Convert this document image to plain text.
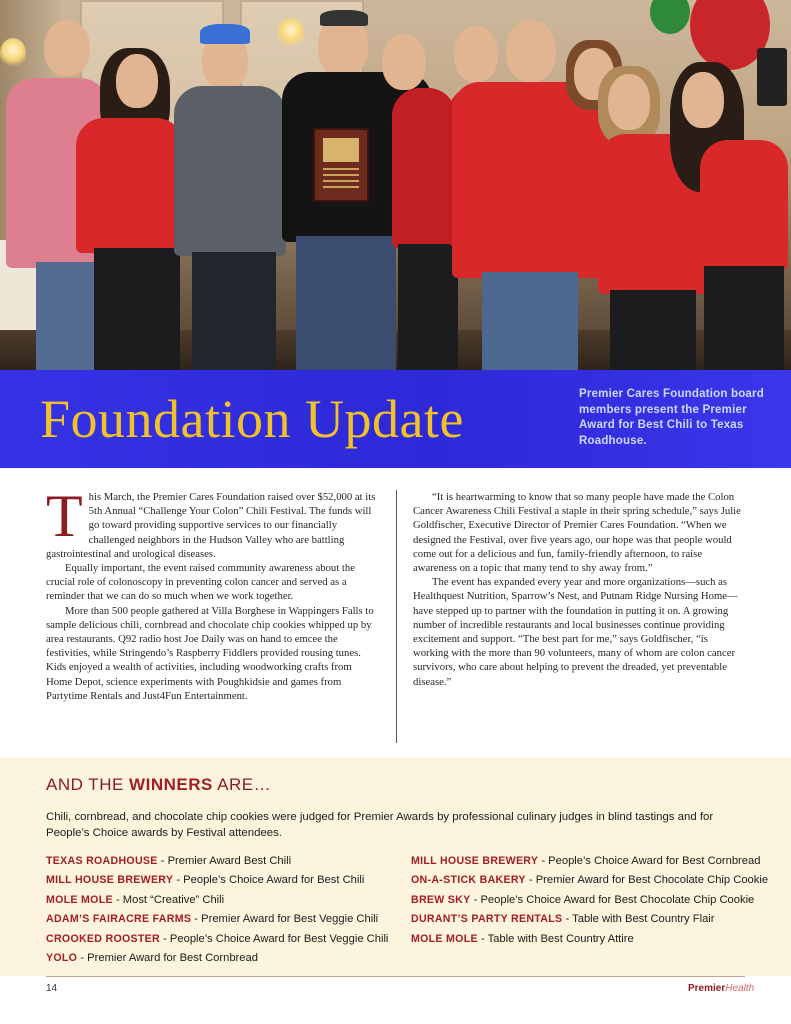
Foundation Update	Premier Cares Foundation board members present the Premier Award for Best Chili to Texas Roadhouse.

This March, the Premier Cares Foundation raised over $52,000 at its 5th Annual “Challenge Your Colon” Chili Festival. The funds will go toward providing supportive services to our financially challenged neighbors in the Hudson Valley who are battling gastrointestinal and urological diseases.

Equally important, the event raised community awareness about the crucial role of colonoscopy in preventing colon cancer and served as a reminder that we can do so much when we work together.

More than 500 people gathered at Villa Borghese in Wappingers Falls to sample delicious chili, cornbread and chocolate chip cookies whipped up by area restaurants. Q92 radio host Joe Daily was on hand to emcee the festivities, while Stringendo’s Raspberry Fiddlers provided rousing tunes. Kids enjoyed a wealth of activities, including woodworking crafts from Home Depot, science experiments with Poughkidsie and games from Partytime Rentals and Just4Fun Entertainment.

“It is heartwarming to know that so many people have made the Colon Cancer Awareness Chili Festival a staple in their spring schedule,” says Julie Goldfischer, Executive Director of Premier Cares Foundation. “When we designed the Festival, over five years ago, our hope was that people would come out for a delicious and fun, family-friendly afternoon, to raise awareness on a topic that many tend to shy away from.”

The event has expanded every year and more organizations—such as Healthquest Nutrition, Sparrow’s Nest, and Putnam Ridge Nursing Home—have stepped up to partner with the foundation in putting it on. A growing number of incredible restaurants and local businesses continue providing excitement and support. “The best part for me,” says Goldfischer, “is working with the more than 90 volunteers, many of whom are colon cancer survivors, who care about helping to prevent the dreaded, yet preventable disease.”

AND THE WINNERS ARE…
Chili, cornbread, and chocolate chip cookies were judged for Premier Awards by professional culinary judges in blind tastings and for People’s Choice awards by Festival attendees.
TEXAS ROADHOUSE - Premier Award Best Chili
MILL HOUSE BREWERY - People’s Choice Award for Best Chili
MOLE MOLE - Most “Creative” Chili
ADAM’S FAIRACRE FARMS - Premier Award for Best Veggie Chili
CROOKED ROOSTER - People’s Choice Award for Best Veggie Chili
YOLO - Premier Award for Best Cornbread
MILL HOUSE BREWERY - People’s Choice Award for Best Cornbread
ON-A-STICK BAKERY - Premier Award for Best Chocolate Chip Cookie
BREW SKY - People’s Choice Award for Best Chocolate Chip Cookie
DURANT’S PARTY RENTALS - Table with Best Country Flair
MOLE MOLE - Table with Best Country Attire
14	PremierHealth
